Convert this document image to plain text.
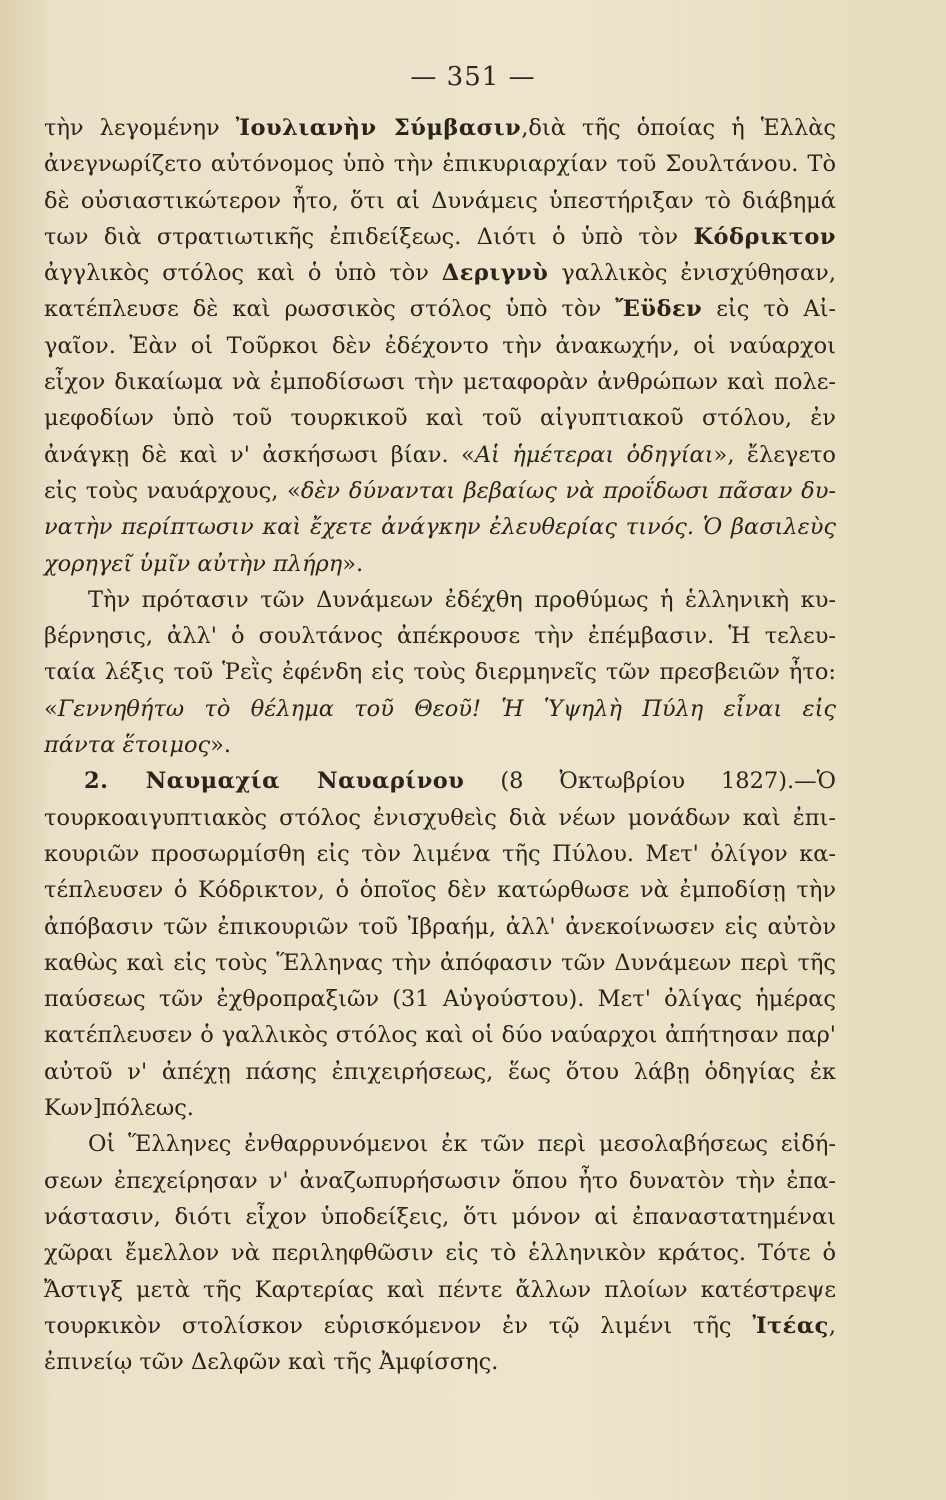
— 351 —
τὴν λεγομένην Ἰουλιανὴν Σύμβασιν,διὰ τῆς ὁποίας ἡ Ἑλλὰς
ἀνεγνωρίζετο αὐτόνομος ὑπὸ τὴν ἐπικυριαρχίαν τοῦ Σουλτάνου. Τὸ
δὲ οὐσιαστικώτερον ἦτο, ὅτι αἱ Δυνάμεις ὑπεστήριξαν τὸ διάβημά
των διὰ στρατιωτικῆς ἐπιδείξεως. Διότι ὁ ὑπὸ τὸν Κόδρικτον
ἀγγλικὸς στόλος καὶ ὁ ὑπὸ τὸν Δεριγνὺ γαλλικὸς ἐνισχύθησαν,
κατέπλευσε δὲ καὶ ρωσσικὸς στόλος ὑπὸ τὸν Ἔϋδεν εἰς τὸ Αἰ-
γαῖον. Ἐὰν οἱ Τοῦρκοι δὲν ἐδέχοντο τὴν ἀνακωχήν, οἱ ναύαρχοι
εἶχον δικαίωμα νὰ ἐμποδίσωσι τὴν μεταφορὰν ἀνθρώπων καὶ πολε-
μεφοδίων ὑπὸ τοῦ τουρκικοῦ καὶ τοῦ αἰγυπτιακοῦ στόλου, ἐν
ἀνάγκῃ δὲ καὶ ν' ἀσκήσωσι βίαν. «Αἱ ἡμέτεραι ὁδηγίαι», ἔλεγετο
εἰς τοὺς ναυάρχους, «δὲν δύνανται βεβαίως νὰ προΐδωσι πᾶσαν δυ-
νατὴν περίπτωσιν καὶ ἔχετε ἀνάγκην ἐλευθερίας τινός. Ὁ βασιλεὺς
χορηγεῖ ὑμῖν αὐτὴν πλήρη».
Τὴν πρότασιν τῶν Δυνάμεων ἐδέχθη προθύμως ἡ ἑλληνικὴ κυ-
βέρνησις, ἀλλ' ὁ σουλτάνος ἀπέκρουσε τὴν ἐπέμβασιν. Ἡ τελευ-
ταία λέξις τοῦ Ῥεῒς ἐφένδη εἰς τοὺς διερμηνεῖς τῶν πρεσβειῶν ἦτο:
«Γεννηθήτω τὸ θέλημα τοῦ Θεοῦ! Ἡ Ὑψηλὴ Πύλη εἶναι εἰς
πάντα ἕτοιμος».
2. Ναυμαχία Ναυαρίνου (8 Ὀκτωβρίου 1827).—Ὁ
τουρκοαιγυπτιακὸς στόλος ἐνισχυθεὶς διὰ νέων μονάδων καὶ ἐπι-
κουριῶν προσωρμίσθη εἰς τὸν λιμένα τῆς Πύλου. Μετ' ὀλίγον κα-
τέπλευσεν ὁ Κόδρικτον, ὁ ὁποῖος δὲν κατώρθωσε νὰ ἐμποδίσῃ τὴν
ἀπόβασιν τῶν ἐπικουριῶν τοῦ Ἰβραήμ, ἀλλ' ἀνεκοίνωσεν εἰς αὐτὸν
καθὼς καὶ εἰς τοὺς Ἕλληνας τὴν ἀπόφασιν τῶν Δυνάμεων περὶ τῆς
παύσεως τῶν ἐχθροπραξιῶν (31 Αὐγούστου). Μετ' ὀλίγας ἡμέρας
κατέπλευσεν ὁ γαλλικὸς στόλος καὶ οἱ δύο ναύαρχοι ἀπήτησαν παρ'
αὐτοῦ ν' ἀπέχῃ πάσης ἐπιχειρήσεως, ἕως ὅτου λάβῃ ὁδηγίας ἐκ
Κων]πόλεως.
Οἱ Ἕλληνες ἐνθαρρυνόμενοι ἐκ τῶν περὶ μεσολαβήσεως εἰδή-
σεων ἐπεχείρησαν ν' ἀναζωπυρήσωσιν ὅπου ἦτο δυνατὸν τὴν ἐπα-
νάστασιν, διότι εἶχον ὑποδείξεις, ὅτι μόνον αἱ ἐπαναστατημέναι
χῶραι ἔμελλον νὰ περιληφθῶσιν εἰς τὸ ἑλληνικὸν κράτος. Τότε ὁ
Ἄστιγξ μετὰ τῆς Καρτερίας καὶ πέντε ἄλλων πλοίων κατέστρεψε
τουρκικὸν στολίσκον εὑρισκόμενον ἐν τῷ λιμένι τῆς Ἰτέας,
ἐπινείῳ τῶν Δελφῶν καὶ τῆς Ἀμφίσσης.
